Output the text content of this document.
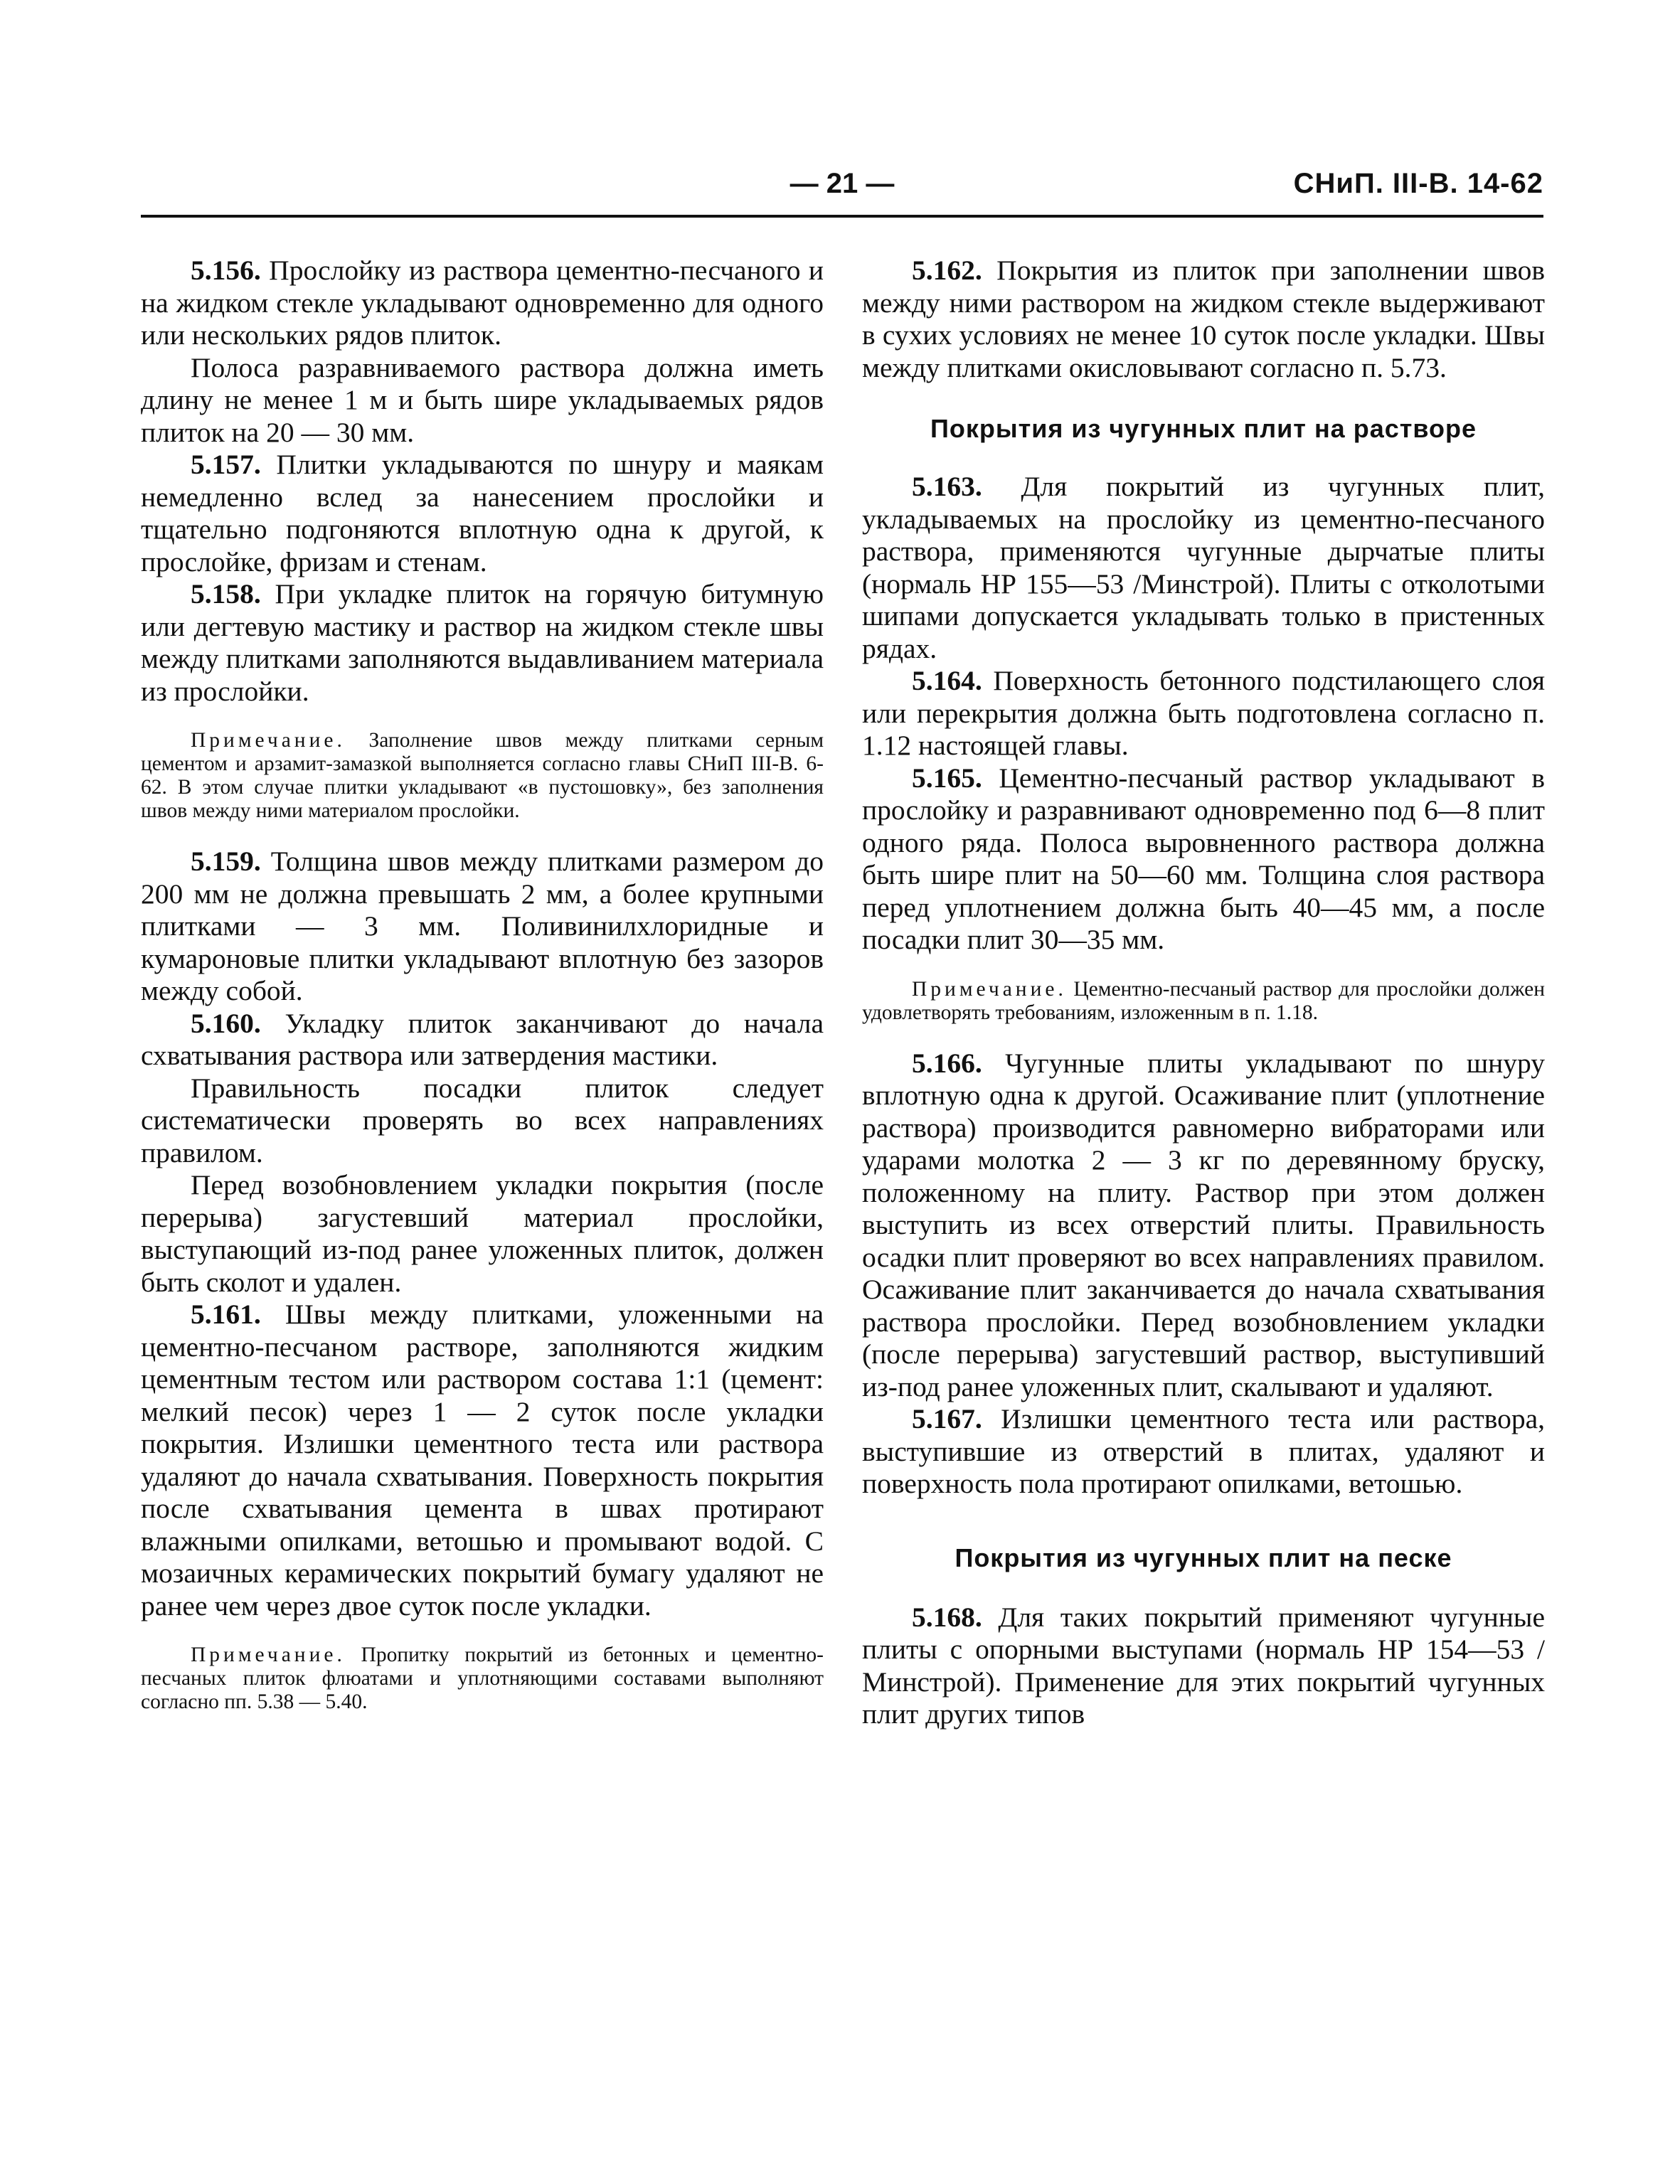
— 21 —	СНиП. III-В. 14-62

5.156. Прослойку из раствора цементно-песчаного и на жидком стекле укладывают одновременно для одного или нескольких рядов плиток.

Полоса разравниваемого раствора должна иметь длину не менее 1 м и быть шире укладываемых рядов плиток на 20 — 30 мм.

5.157. Плитки укладываются по шнуру и маякам немедленно вслед за нанесением прослойки и тщательно подгоняются вплотную одна к другой, к прослойке, фризам и стенам.

5.158. При укладке плиток на горячую битумную или дегтевую мастику и раствор на жидком стекле швы между плитками заполняются выдавливанием материала из прослойки.

Примечание. Заполнение швов между плитками серным цементом и арзамит-замазкой выполняется согласно главы СНиП III-В. 6-62. В этом случае плитки укладывают «в пустошовку», без заполнения швов между ними материалом прослойки.

5.159. Толщина швов между плитками размером до 200 мм не должна превышать 2 мм, а более крупными плитками — 3 мм. Поливинилхлоридные и кумароновые плитки укладывают вплотную без зазоров между собой.

5.160. Укладку плиток заканчивают до начала схватывания раствора или затвердения мастики.

Правильность посадки плиток следует систематически проверять во всех направлениях правилом.

Перед возобновлением укладки покрытия (после перерыва) загустевший материал прослойки, выступающий из-под ранее уложенных плиток, должен быть сколот и удален.

5.161. Швы между плитками, уложенными на цементно-песчаном растворе, заполняются жидким цементным тестом или раствором состава 1:1 (цемент: мелкий песок) через 1 — 2 суток после укладки покрытия. Излишки цементного теста или раствора удаляют до начала схватывания. Поверхность покрытия после схватывания цемента в швах протирают влажными опилками, ветошью и промывают водой. С мозаичных керамических покрытий бумагу удаляют не ранее чем через двое суток после укладки.

Примечание. Пропитку покрытий из бетонных и цементно-песчаных плиток флюатами и уплотняющими составами выполняют согласно пп. 5.38 — 5.40.

5.162. Покрытия из плиток при заполнении швов между ними раствором на жидком стекле выдерживают в сухих условиях не менее 10 суток после укладки. Швы между плитками окисловывают согласно п. 5.73.

Покрытия из чугунных плит на растворе

5.163. Для покрытий из чугунных плит, укладываемых на прослойку из цементно-песчаного раствора, применяются чугунные дырчатые плиты (нормаль НР 155—53 /Минстрой). Плиты с отколотыми шипами допускается укладывать только в пристенных рядах.

5.164. Поверхность бетонного подстилающего слоя или перекрытия должна быть подготовлена согласно п. 1.12 настоящей главы.

5.165. Цементно-песчаный раствор укладывают в прослойку и разравнивают одновременно под 6—8 плит одного ряда. Полоса выровненного раствора должна быть шире плит на 50—60 мм. Толщина слоя раствора перед уплотнением должна быть 40—45 мм, а после посадки плит 30—35 мм.

Примечание. Цементно-песчаный раствор для прослойки должен удовлетворять требованиям, изложенным в п. 1.18.

5.166. Чугунные плиты укладывают по шнуру вплотную одна к другой. Осаживание плит (уплотнение раствора) производится равномерно вибраторами или ударами молотка 2 — 3 кг по деревянному бруску, положенному на плиту. Раствор при этом должен выступить из всех отверстий плиты. Правильность осадки плит проверяют во всех направлениях правилом. Осаживание плит заканчивается до начала схватывания раствора прослойки. Перед возобновлением укладки (после перерыва) загустевший раствор, выступивший из-под ранее уложенных плит, скалывают и удаляют.

5.167. Излишки цементного теста или раствора, выступившие из отверстий в плитах, удаляют и поверхность пола протирают опилками, ветошью.

Покрытия из чугунных плит на песке

5.168. Для таких покрытий применяют чугунные плиты с опорными выступами (нормаль НР 154—53 /Минстрой). Применение для этих покрытий чугунных плит других типов
